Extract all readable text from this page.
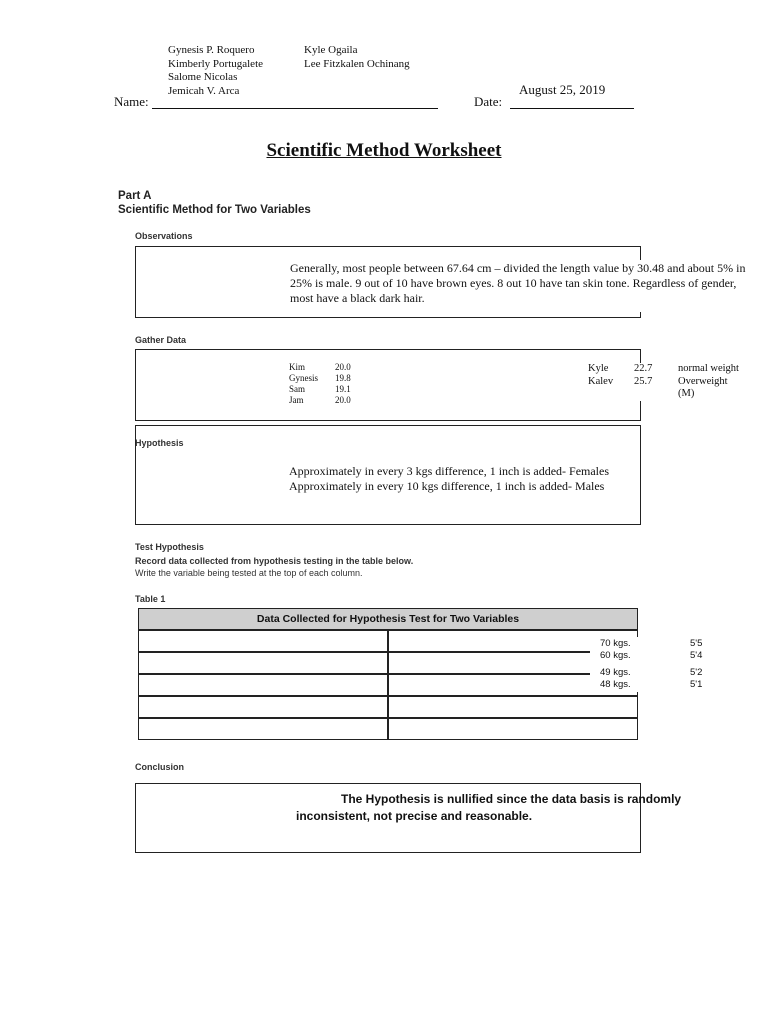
Gynesis P. Roquero
Kimberly Portugalete
Salome Nicolas
Jemicah V. Arca
Kyle Ogaila
Lee Fitzkalen Ochinang
Name:	Date:
August 25, 2019
Scientific Method Worksheet
Part A
Scientific Method for Two Variables
Observations
Generally, most people between 67.64 cm – divided the length value by 30.48 and about 5% in 25% is male. 9 out of 10 have brown eyes. 8 out 10 have tan skin tone. Regardless of gender, most have a black dark hair.
Gather Data
Kim	20.0
Gynesis 19.8
Sam	19.1
Jam	20.0
Kyle 22.7 normal weight
Kalev 25.7 Overweight
(M)
Hypothesis
Approximately in every 3 kgs difference, 1 inch is added- Females
Approximately in every 10 kgs difference, 1 inch is added- Males
Test Hypothesis
Record data collected from hypothesis testing in the table below.
Write the variable being tested at the top of each column.
Table 1
Data Collected for Hypothesis Test for Two Variables
70 kgs.	5'5
60 kgs.	5'4
49 kgs.	5'2
48 kgs.	5'1
Conclusion
The Hypothesis is nullified since the data basis is randomly
inconsistent, not precise and reasonable.
